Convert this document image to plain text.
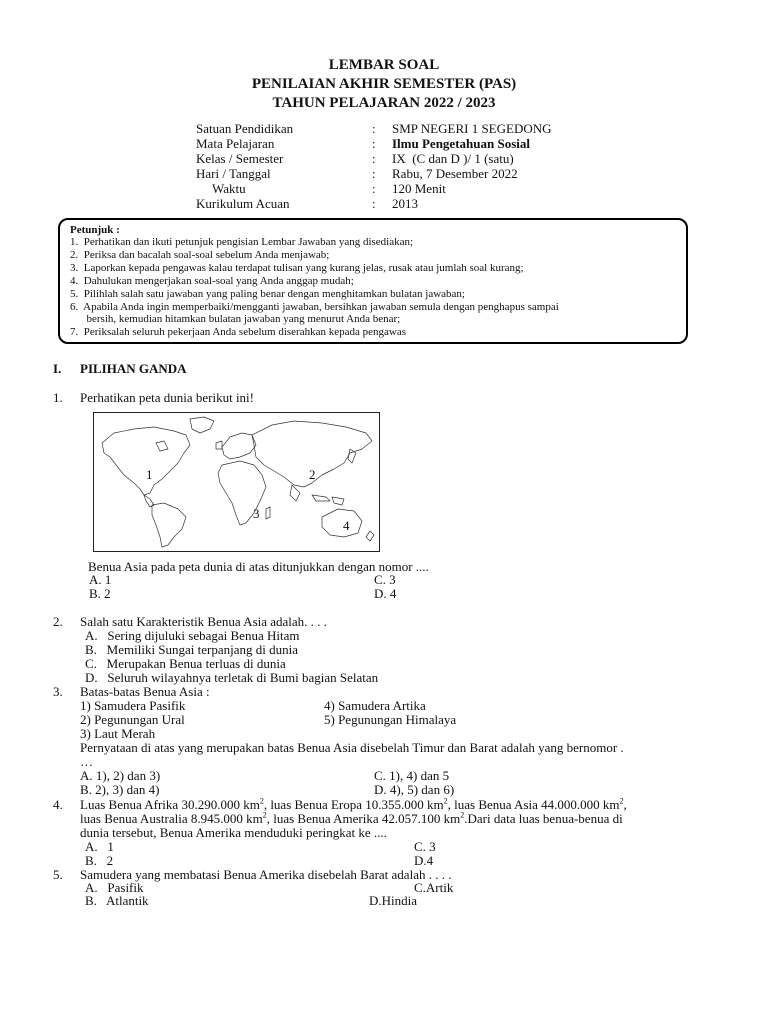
LEMBAR SOAL
PENILAIAN AKHIR SEMESTER (PAS)
TAHUN PELAJARAN 2022 / 2023
Satuan Pendidikan	: SMP NEGERI 1 SEGEDONG
Mata Pelajaran	: Ilmu Pengetahuan Sosial
Kelas / Semester	: IX  (C dan D )/ 1 (satu)
Hari / Tanggal	: Rabu, 7 Desember 2022
Waktu	: 120 Menit
Kurikulum Acuan	: 2013
Petunjuk :
1.  Perhatikan dan ikuti petunjuk pengisian Lembar Jawaban yang disediakan;
2.  Periksa dan bacalah soal-soal sebelum Anda menjawab;
3.  Laporkan kepada pengawas kalau terdapat tulisan yang kurang jelas, rusak atau jumlah soal kurang;
4.  Dahulukan mengerjakan soal-soal yang Anda anggap mudah;
5.  Pilihlah salah satu jawaban yang paling benar dengan menghitamkan bulatan jawaban;
6.  Apabila Anda ingin memperbaiki/mengganti jawaban, bersihkan jawaban semula dengan penghapus sampai
bersih, kemudian hitamkan bulatan jawaban yang menurut Anda benar;
7.  Periksalah seluruh pekerjaan Anda sebelum diserahkan kepada pengawas
I. PILIHAN GANDA
1. Perhatikan peta dunia berikut ini!
1	2
3
4
Benua Asia pada peta dunia di atas ditunjukkan dengan nomor ....
A. 1	C. 3
B. 2	D. 4
2. Salah satu Karakteristik Benua Asia adalah. . . .
A.   Sering dijuluki sebagai Benua Hitam
B.   Memiliki Sungai terpanjang di dunia
C.   Merupakan Benua terluas di dunia
D.   Seluruh wilayahnya terletak di Bumi bagian Selatan
3. Batas-batas Benua Asia :
1) Samudera Pasifik	4) Samudera Artika
2) Pegunungan Ural	5) Pegunungan Himalaya
3) Laut Merah
Pernyataan di atas yang merupakan batas Benua Asia disebelah Timur dan Barat adalah yang bernomor .
…
A. 1), 2) dan 3)	C. 1), 4) dan 5
B. 2), 3) dan 4)	D. 4), 5) dan 6)
4. Luas Benua Afrika 30.290.000 $km^2$, luas Benua Eropa 10.355.000 $km^2$, luas Benua Asia 44.000.000 $km^2$,
luas Benua Australia 8.945.000 $km^2$, luas Benua Amerika 42.057.100 $km^2.Dari$ data luas benua-benua di
dunia tersebut, Benua Amerika menduduki peringkat ke ....
A.   1	C. 3
B.   2	D.4
5. Samudera yang membatasi Benua Amerika disebelah Barat adalah . . . .
A.   Pasifik	C.Artik
B.   Atlantik	D.Hindia
